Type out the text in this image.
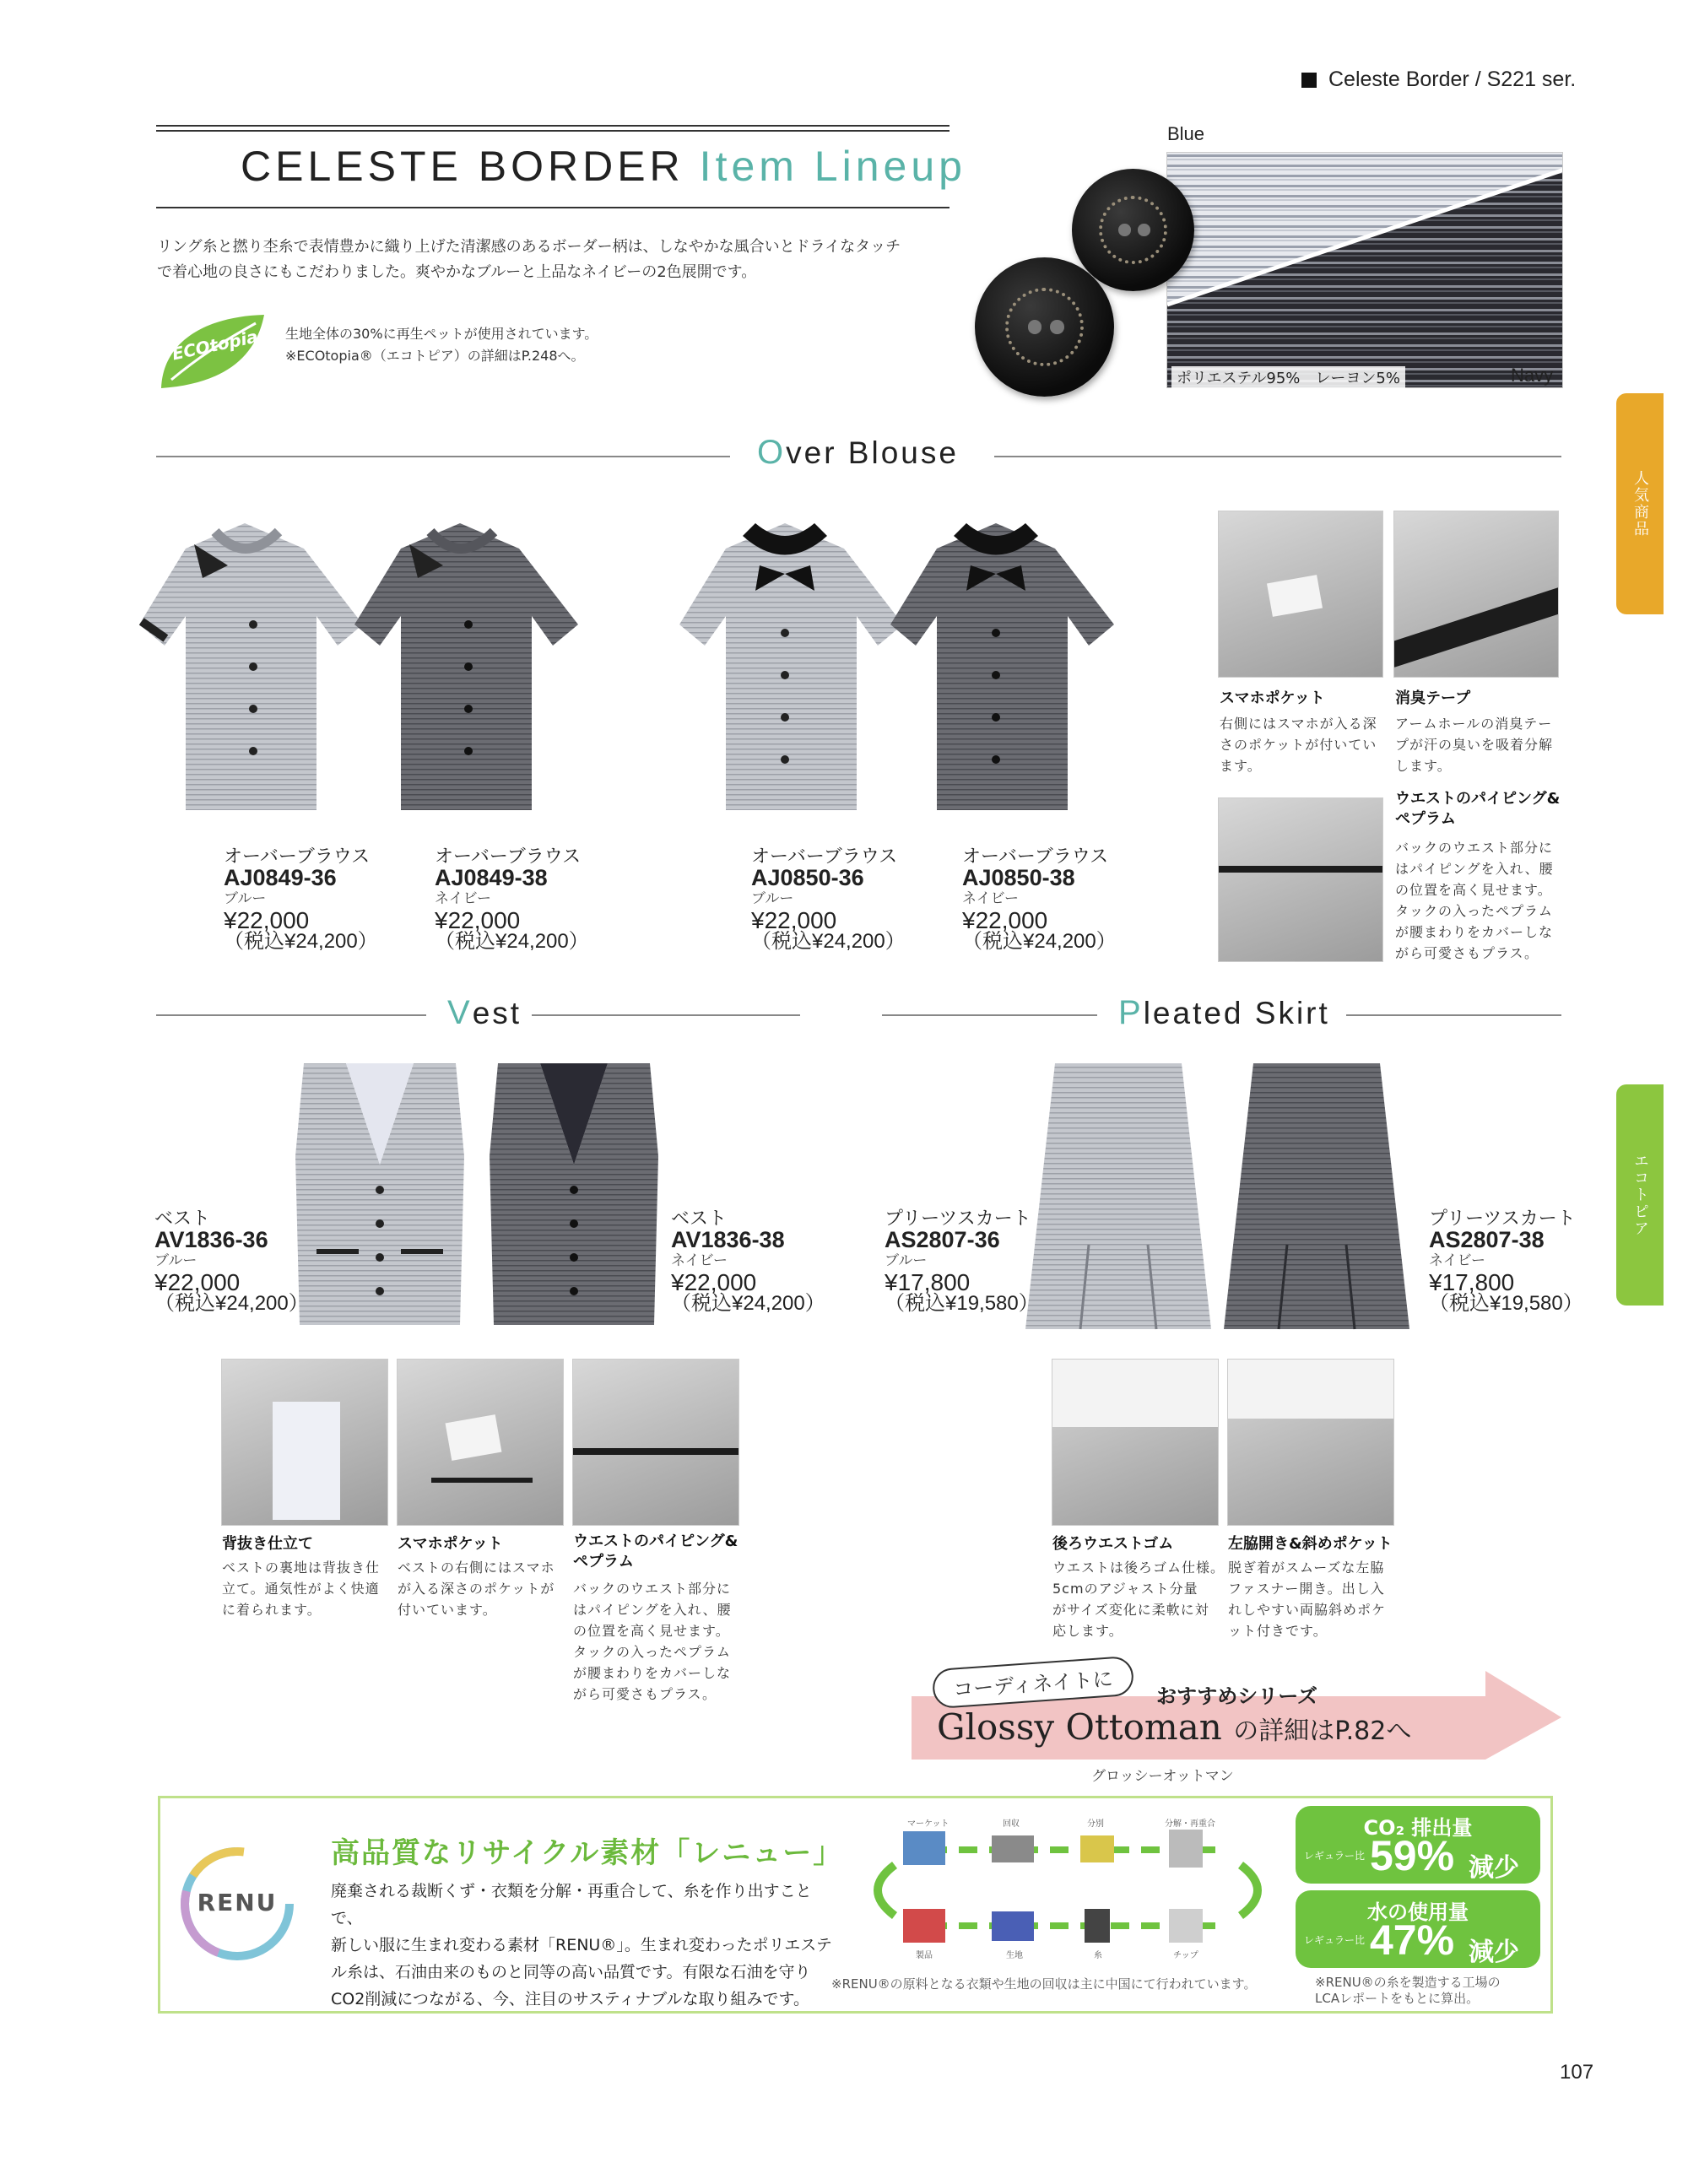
Celeste Border / S221 ser.
CELESTE BORDER Item Lineup
リング糸と撚り杢糸で表情豊かに織り上げた清潔感のあるボーダー柄は、しなやかな風合いとドライなタッチ
で着心地の良さにもこだわりました。爽やかなブルーと上品なネイビーの2色展開です。
ECOtopia 生地全体の30%に再生ペットが使用されています。
※ECOtopia®（エコトピア）の詳細はP.248へ。
Blue
Navy
ポリエステル95%　レーヨン5%
人気商品
エコトピア
Over Blouse
オーバーブラウス
AJ0849-36
ブルー
¥22,000
（税込¥24,200）
オーバーブラウス
AJ0849-38
ネイビー
¥22,000
（税込¥24,200）
オーバーブラウス
AJ0850-36
ブルー
¥22,000
（税込¥24,200）
オーバーブラウス
AJ0850-38
ネイビー
¥22,000
（税込¥24,200）
スマホポケット
右側にはスマホが入る深
さのポケットが付いてい
ます。
消臭テープ
アームホールの消臭テー
プが汗の臭いを吸着分解
します。
ウエストのパイピング&
ペプラム
バックのウエスト部分に
はパイピングを入れ、腰
の位置を高く見せます。
タックの入ったペプラム
が腰まわりをカバーしな
がら可愛さもプラス。
Vest
ベスト
AV1836-36
ブルー
¥22,000
（税込¥24,200）
ベスト
AV1836-38
ネイビー
¥22,000
（税込¥24,200）
背抜き仕立て
ベストの裏地は背抜き仕
立て。通気性がよく快適
に着られます。
スマホポケット
ベストの右側にはスマホ
が入る深さのポケットが
付いています。
ウエストのパイピング&
ペプラム
バックのウエスト部分に
はパイピングを入れ、腰
の位置を高く見せます。
タックの入ったペプラム
が腰まわりをカバーしな
がら可愛さもプラス。
Pleated Skirt
プリーツスカート
AS2807-36
ブルー
¥17,800
（税込¥19,580）
プリーツスカート
AS2807-38
ネイビー
¥17,800
（税込¥19,580）
後ろウエストゴム
ウエストは後ろゴム仕様。
5cmのアジャスト分量
がサイズ変化に柔軟に対
応します。
左脇開き&斜めポケット
脱ぎ着がスムーズな左脇
ファスナー開き。出し入
れしやすい両脇斜めポケ
ット付きです。
コーディネイトに	おすすめシリーズ
Glossy Ottoman の詳細はP.82へ
グロッシーオットマン
RENU
高品質なリサイクル素材「レニュー」
廃棄される裁断くず・衣類を分解・再重合して、糸を作り出すことで、
新しい服に生まれ変わる素材「RENU®」。生まれ変わったポリエステ
ル糸は、石油由来のものと同等の高い品質です。有限な石油を守り
CO2削減につながる、今、注目のサスティナブルな取り組みです。
マーケット	回収	分別	分解・再重合
製品	生地	糸	チップ
CO₂ 排出量
レギュラー比 59% 減少
水の使用量
レギュラー比 47% 減少
※RENU®の原料となる衣類や生地の回収は主に中国にて行われています。	※RENU®の糸を製造する工場の
LCAレポートをもとに算出。
107
